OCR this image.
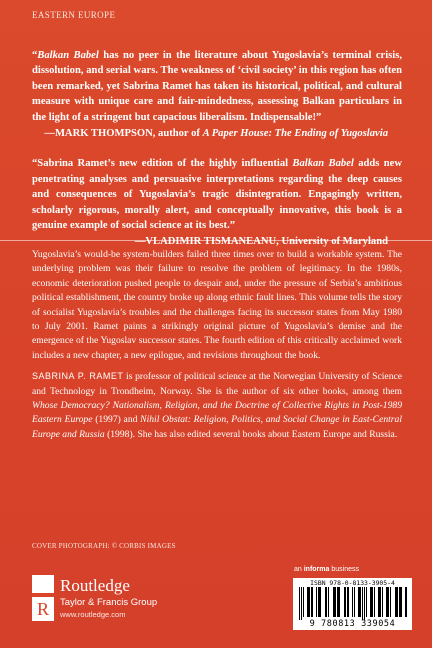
EASTERN EUROPE

“Balkan Babel has no peer in the literature about Yugoslavia’s terminal crisis, dissolution, and serial wars. The weakness of ‘civil society’ in this region has often been remarked, yet Sabrina Ramet has taken its historical, political, and cultural measure with unique care and fair-mindedness, assessing Balkan particulars in the light of a stringent but capacious liberalism. Indispensable!”

—MARK THOMPSON, author of A Paper House: The Ending of Yugoslavia

“Sabrina Ramet’s new edition of the highly influential Balkan Babel adds new penetrating analyses and persuasive interpretations regarding the deep causes and consequences of Yugoslavia’s tragic disintegration. Engagingly written, scholarly rigorous, morally alert, and conceptually innovative, this book is a genuine example of social science at its best.”

—VLADIMIR TISMANEANU, University of Maryland

Yugoslavia’s would-be system-builders failed three times over to build a workable system. The underlying problem was their failure to resolve the problem of legitimacy. In the 1980s, economic deterioration pushed people to despair and, under the pressure of Serbia’s ambitious political establishment, the country broke up along ethnic fault lines. This volume tells the story of socialist Yugoslavia’s troubles and the challenges facing its successor states from May 1980 to July 2001. Ramet paints a strikingly original picture of Yugoslavia’s demise and the emergence of the Yugoslav successor states. The fourth edition of this critically acclaimed work includes a new chapter, a new epilogue, and revisions throughout the book.

SABRINA P. RAMET is professor of political science at the Norwegian University of Science and Technology in Trondheim, Norway. She is the author of six other books, among them Whose Democracy? Nationalism, Religion, and the Doctrine of Collective Rights in Post-1989 Eastern Europe (1997) and Nihil Obstat: Religion, Politics, and Social Change in East-Central Europe and Russia (1998). She has also edited several books about Eastern Europe and Russia.

COVER PHOTOGRAPH: © CORBIS IMAGES
R
Routledge
Taylor & Francis Group
www.routledge.com
an informa business
ISBN 978-0-8133-3905-4
9 780813 339054
